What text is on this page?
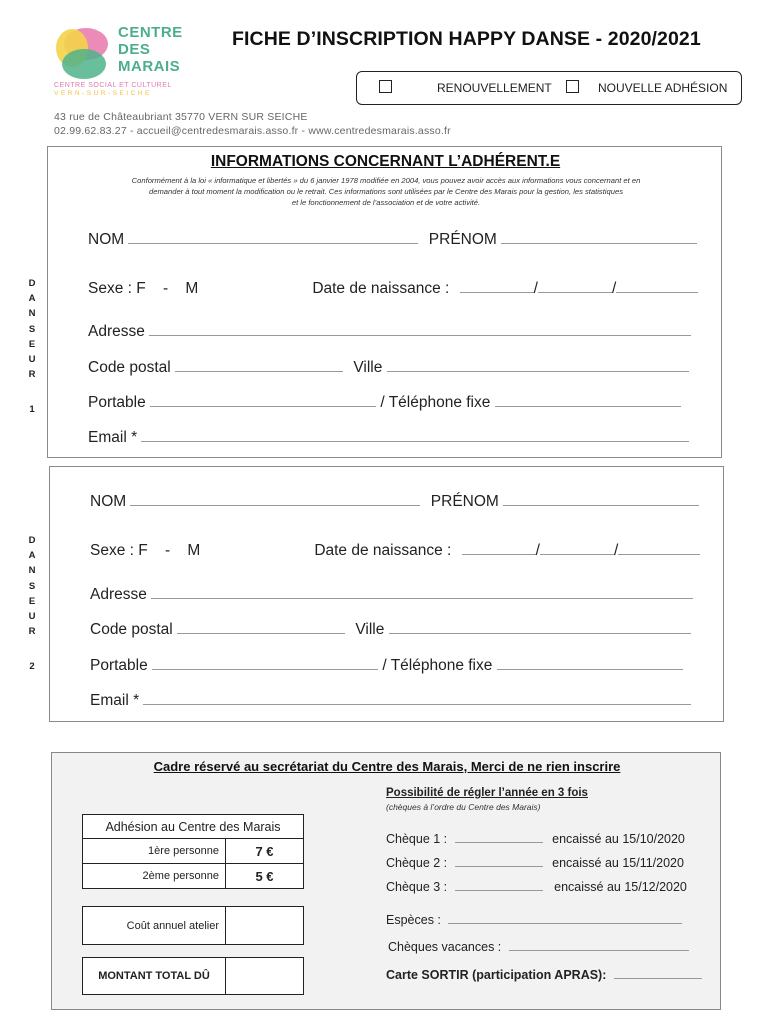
CENTRE
DES
MARAIS
CENTRE SOCIAL ET CULTUREL
VERN-SUR-SEICHE
FICHE D’INSCRIPTION HAPPY DANSE - 2020/2021
RENOUVELLEMENT	NOUVELLE ADHÉSION
43 rue de Châteaubriant 35770 VERN SUR SEICHE
02.99.62.83.27 - accueil@centredesmarais.asso.fr - www.centredesmarais.asso.fr
D
A
N
S
E
U
R

1
INFORMATIONS CONCERNANT L’ADHÉRENT.E
Conformément à la loi « informatique et libertés » du 6 janvier 1978 modifiée en 2004, vous pouvez avoir accès aux informations vous concernant et en
demander à tout moment la modification ou le retrait. Ces informations sont utilisées par le Centre des Marais pour la gestion, les statistiques
et le fonctionnement de l’association et de votre activité.
NOM	PRÉNOM
Sexe : F    -    M	Date de naissance :	/	/
Adresse
Code postal	Ville
Portable	/ Téléphone fixe
Email *
D
A
N
S
E
U
R

2
NOM	PRÉNOM
Sexe : F    -    M	Date de naissance :	/	/
Adresse
Code postal	Ville
Portable	/ Téléphone fixe
Email *
Cadre réservé au secrétariat du Centre des Marais, Merci de ne rien inscrire
Possibilité de régler l’année en 3 fois
(chèques à l’ordre du Centre des Marais)
Chèque 1 :	encaissé au 15/10/2020
Chèque 2 :	encaissé au 15/11/2020
Chèque 3 :	encaissé au 15/12/2020
Espèces :
Chèques vacances :
Carte SORTIR (participation APRAS):
Adhésion au Centre des Marais
1ère personne	7 €
2ème personne	5 €
Coût annuel atelier
MONTANT TOTAL DÛ
